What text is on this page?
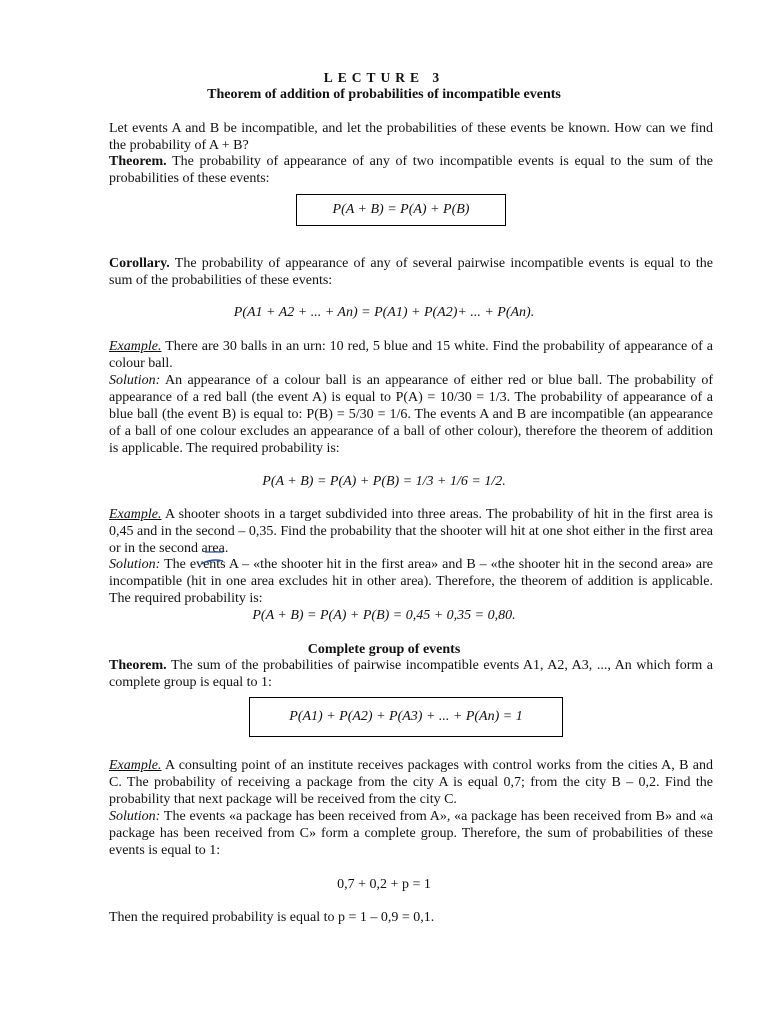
LECTURE 3
Theorem of addition of probabilities of incompatible events
Let events A and B be incompatible, and let the probabilities of these events be known. How can we find the probability of A + B?
Theorem. The probability of appearance of any of two incompatible events is equal to the sum of the probabilities of these events:
P(A + B) = P(A) + P(B)
Corollary. The probability of appearance of any of several pairwise incompatible events is equal to the sum of the probabilities of these events:
P(A1 + A2 + ... + An) = P(A1) + P(A2)+ ... + P(An).
Example. There are 30 balls in an urn: 10 red, 5 blue and 15 white. Find the probability of appearance of a colour ball.
Solution: An appearance of a colour ball is an appearance of either red or blue ball. The probability of appearance of a red ball (the event A) is equal to P(A) = 10/30 = 1/3. The probability of appearance of a blue ball (the event B) is equal to: P(B) = 5/30 = 1/6. The events A and B are incompatible (an appearance of a ball of one colour excludes an appearance of a ball of other colour), therefore the theorem of addition is applicable. The required probability is:
P(A + B) = P(A) + P(B) = 1/3 + 1/6 = 1/2.
Example. A shooter shoots in a target subdivided into three areas. The probability of hit in the first area is 0,45 and in the second – 0,35. Find the probability that the shooter will hit at one shot either in the first area or in the second area.
Solution: The events A – «the shooter hit in the first area» and B – «the shooter hit in the second area» are incompatible (hit in one area excludes hit in other area). Therefore, the theorem of addition is applicable. The required probability is:
P(A + B) = P(A) + P(B) = 0,45 + 0,35 = 0,80.
Complete group of events
Theorem. The sum of the probabilities of pairwise incompatible events A1, A2, A3, ..., An which form a complete group is equal to 1:
P(A1) + P(A2) + P(A3) + ... + P(An) = 1
Example. A consulting point of an institute receives packages with control works from the cities A, B and C. The probability of receiving a package from the city A is equal 0,7; from the city B – 0,2. Find the probability that next package will be received from the city C.
Solution: The events «a package has been received from A», «a package has been received from B» and «a package has been received from C» form a complete group. Therefore, the sum of probabilities of these events is equal to 1:
0,7 + 0,2 + p = 1
Then the required probability is equal to p = 1 – 0,9 = 0,1.
